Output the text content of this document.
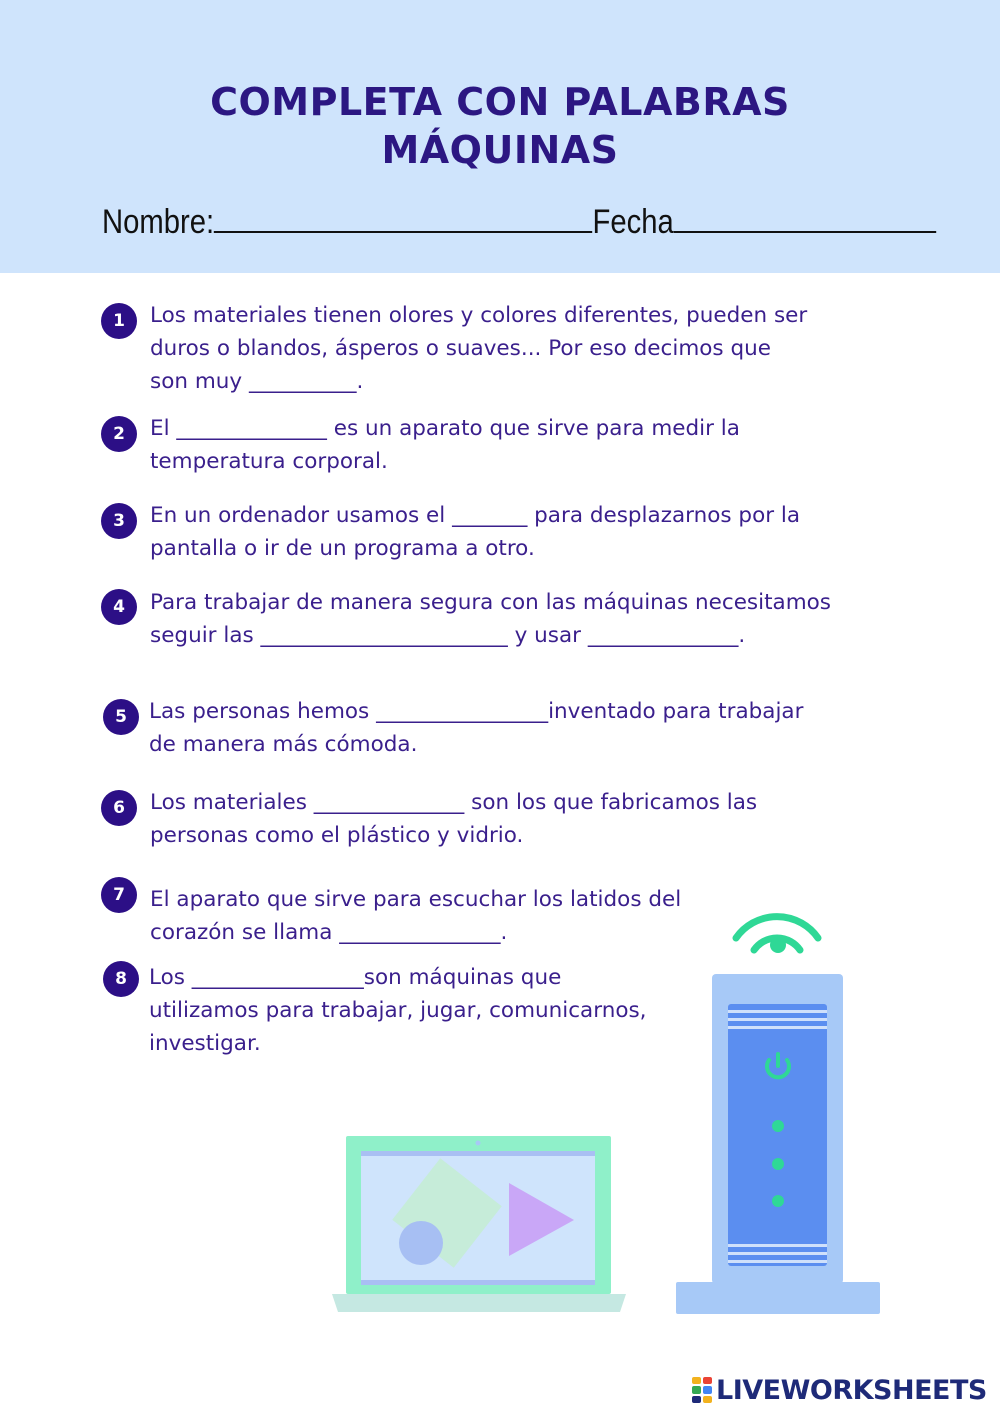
COMPLETA CON PALABRAS
MÁQUINAS
Nombre:	Fecha
1	Los materiales tienen olores y colores diferentes, pueden ser
duros o blandos, ásperos o suaves... Por eso decimos que
son muy __________.
2	El ______________ es un aparato que sirve para medir la
temperatura corporal.
3	En un ordenador usamos el _______ para desplazarnos por la
pantalla o ir de un programa a otro.
4	Para trabajar de manera segura con las máquinas necesitamos
seguir las _______________________ y usar ______________.
5	Las personas hemos ________________inventado para trabajar
de manera más cómoda.
6	Los materiales ______________ son los que fabricamos las
personas como el plástico y vidrio.
7	El aparato que sirve para escuchar los latidos del
corazón se llama _______________.
8	Los ________________son máquinas que
utilizamos para trabajar, jugar, comunicarnos,
investigar.
LIVEWORKSHEETS
